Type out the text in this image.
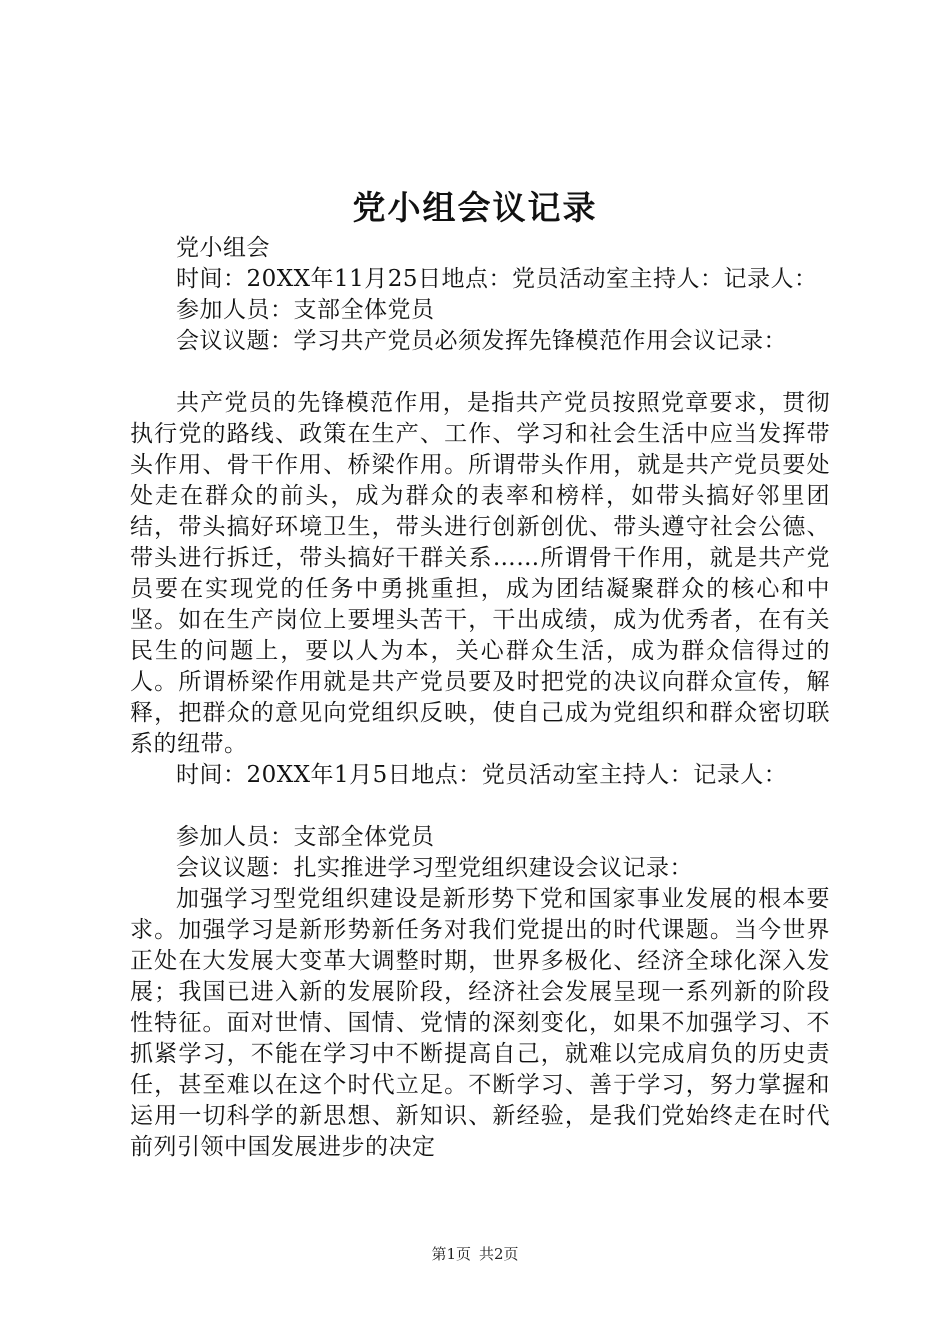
党小组会议记录

党小组会

时间：20XX年11月25日地点：党员活动室主持人：记录人：

参加人员：支部全体党员

会议议题：学习共产党员必须发挥先锋模范作用会议记录：

共产党员的先锋模范作用，是指共产党员按照党章要求，贯彻执行党的路线、政策在生产、工作、学习和社会生活中应当发挥带头作用、骨干作用、桥梁作用。所谓带头作用，就是共产党员要处处走在群众的前头，成为群众的表率和榜样，如带头搞好邻里团结，带头搞好环境卫生，带头进行创新创优、带头遵守社会公德、带头进行拆迁，带头搞好干群关系……所谓骨干作用，就是共产党员要在实现党的任务中勇挑重担，成为团结凝聚群众的核心和中坚。如在生产岗位上要埋头苦干，干出成绩，成为优秀者，在有关民生的问题上，要以人为本，关心群众生活，成为群众信得过的人。所谓桥梁作用就是共产党员要及时把党的决议向群众宣传，解释，把群众的意见向党组织反映，使自己成为党组织和群众密切联系的纽带。

时间：20XX年1月5日地点：党员活动室主持人：记录人：

参加人员：支部全体党员

会议议题：扎实推进学习型党组织建设会议记录：

加强学习型党组织建设是新形势下党和国家事业发展的根本要求。加强学习是新形势新任务对我们党提出的时代课题。当今世界正处在大发展大变革大调整时期，世界多极化、经济全球化深入发展；我国已进入新的发展阶段，经济社会发展呈现一系列新的阶段性特征。面对世情、国情、党情的深刻变化，如果不加强学习、不抓紧学习，不能在学习中不断提高自己，就难以完成肩负的历史责任，甚至难以在这个时代立足。不断学习、善于学习，努力掌握和运用一切科学的新思想、新知识、新经验，是我们党始终走在时代前列引领中国发展进步的决定

第1页 共2页
